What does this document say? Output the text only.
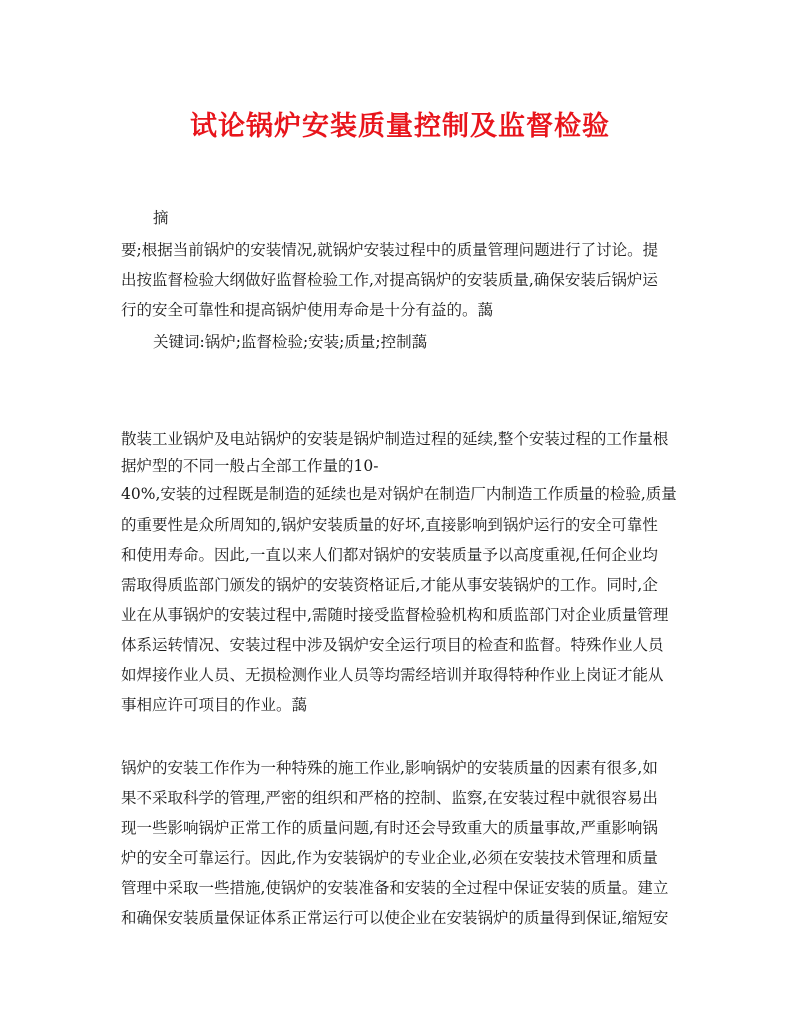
试论锅炉安装质量控制及监督检验
摘
要;根据当前锅炉的安装情况,就锅炉安装过程中的质量管理问题进行了讨论。提
出按监督检验大纲做好监督检验工作,对提高锅炉的安装质量,确保安装后锅炉运
行的安全可靠性和提高锅炉使用寿命是十分有益的。藹
关键词:锅炉;监督检验;安装;质量;控制藹
散装工业锅炉及电站锅炉的安装是锅炉制造过程的延续,整个安装过程的工作量根
据炉型的不同一般占全部工作量的10-
40%,安装的过程既是制造的延续也是对锅炉在制造厂内制造工作质量的检验,质量
的重要性是众所周知的,锅炉安装质量的好坏,直接影响到锅炉运行的安全可靠性
和使用寿命。因此,一直以来人们都对锅炉的安装质量予以高度重视,任何企业均
需取得质监部门颁发的锅炉的安装资格证后,才能从事安装锅炉的工作。同时,企
业在从事锅炉的安装过程中,需随时接受监督检验机构和质监部门对企业质量管理
体系运转情况、安装过程中涉及锅炉安全运行项目的检查和监督。特殊作业人员
如焊接作业人员、无损检测作业人员等均需经培训并取得特种作业上岗证才能从
事相应许可项目的作业。藹
锅炉的安装工作作为一种特殊的施工作业,影响锅炉的安装质量的因素有很多,如
果不采取科学的管理,严密的组织和严格的控制、监察,在安装过程中就很容易出
现一些影响锅炉正常工作的质量问题,有时还会导致重大的质量事故,严重影响锅
炉的安全可靠运行。因此,作为安装锅炉的专业企业,必须在安装技术管理和质量
管理中采取一些措施,使锅炉的安装准备和安装的全过程中保证安装的质量。建立
和确保安装质量保证体系正常运行可以使企业在安装锅炉的质量得到保证,缩短安
